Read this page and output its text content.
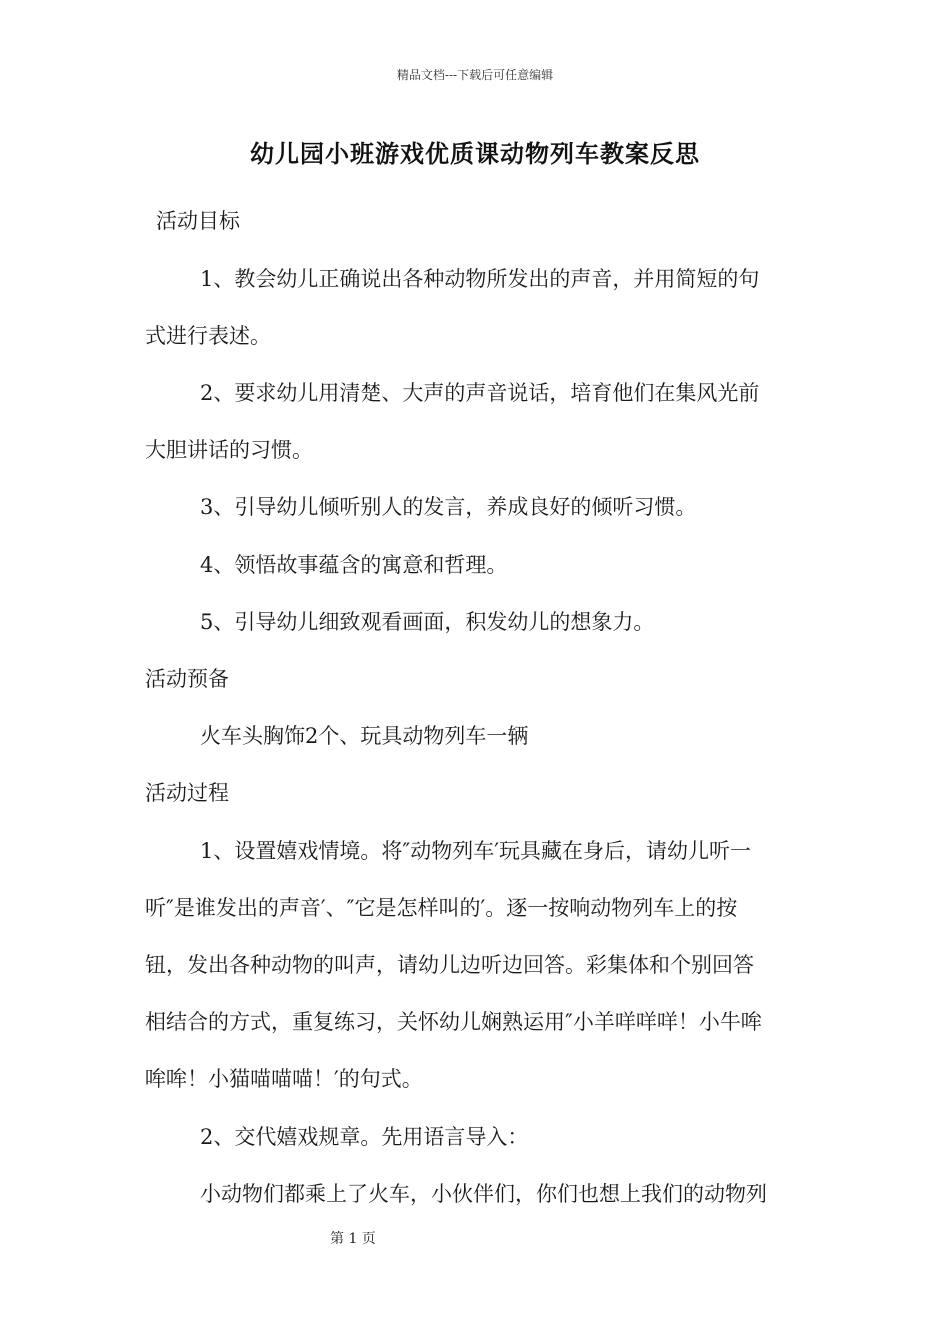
精品文档---下载后可任意编辑
幼儿园小班游戏优质课动物列车教案反思
活动目标
1、教会幼儿正确说出各种动物所发出的声音，并用简短的句
式进行表述。
2、要求幼儿用清楚、大声的声音说话，培育他们在集风光前
大胆讲话的习惯。
3、引导幼儿倾听别人的发言，养成良好的倾听习惯。
4、领悟故事蕴含的寓意和哲理。
5、引导幼儿细致观看画面，积发幼儿的想象力。
活动预备
火车头胸饰2个、玩具动物列车一辆
活动过程
1、设置嬉戏情境。将″动物列车′玩具藏在身后，请幼儿听一
听″是谁发出的声音′、″它是怎样叫的′。逐一按响动物列车上的按
钮，发出各种动物的叫声，请幼儿边听边回答。彩集体和个别回答
相结合的方式，重复练习，关怀幼儿娴熟运用″小羊咩咩咩！小牛哞
哞哞！小猫喵喵喵！′的句式。
2、交代嬉戏规章。先用语言导入：
小动物们都乘上了火车，小伙伴们，你们也想上我们的动物列
第 1 页
